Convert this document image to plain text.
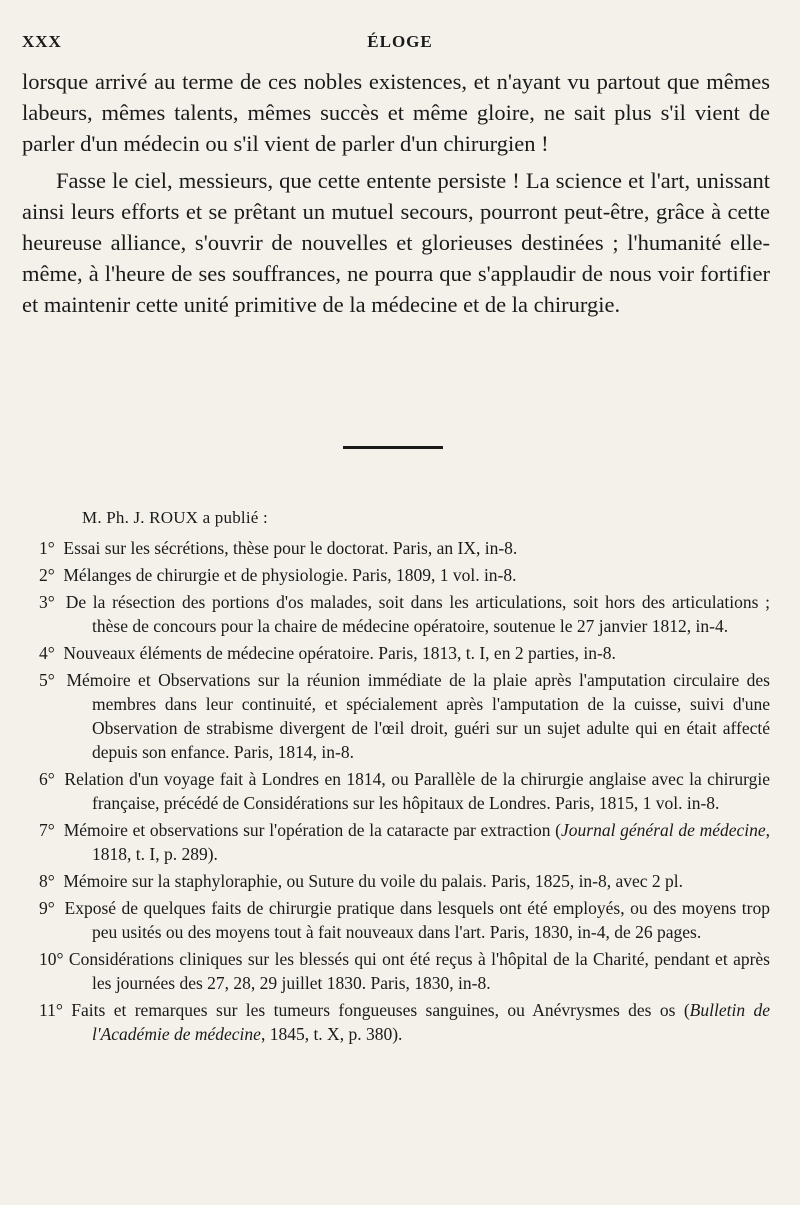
XXX	ÉLOGE

lorsque arrivé au terme de ces nobles existences, et n'ayant vu partout que mêmes labeurs, mêmes talents, mêmes succès et même gloire, ne sait plus s'il vient de parler d'un médecin ou s'il vient de parler d'un chirurgien !

Fasse le ciel, messieurs, que cette entente persiste ! La science et l'art, unissant ainsi leurs efforts et se prêtant un mutuel secours, pourront peut-être, grâce à cette heureuse alliance, s'ouvrir de nouvelles et glorieuses destinées ; l'humanité elle-même, à l'heure de ses souffrances, ne pourra que s'applaudir de nous voir fortifier et maintenir cette unité primitive de la médecine et de la chirurgie.

M. Ph. J. ROUX a publié :

1° Essai sur les sécrétions, thèse pour le doctorat. Paris, an IX, in-8.
2° Mélanges de chirurgie et de physiologie. Paris, 1809, 1 vol. in-8.
3° De la résection des portions d'os malades, soit dans les articulations, soit hors des articulations ; thèse de concours pour la chaire de médecine opératoire, soutenue le 27 janvier 1812, in-4.
4° Nouveaux éléments de médecine opératoire. Paris, 1813, t. I, en 2 parties, in-8.
5° Mémoire et Observations sur la réunion immédiate de la plaie après l'amputation circulaire des membres dans leur continuité, et spécialement après l'amputation de la cuisse, suivi d'une Observation de strabisme divergent de l'œil droit, guéri sur un sujet adulte qui en était affecté depuis son enfance. Paris, 1814, in-8.
6° Relation d'un voyage fait à Londres en 1814, ou Parallèle de la chirurgie anglaise avec la chirurgie française, précédé de Considérations sur les hôpitaux de Londres. Paris, 1815, 1 vol. in-8.
7° Mémoire et observations sur l'opération de la cataracte par extraction (Journal général de médecine, 1818, t. I, p. 289).
8° Mémoire sur la staphyloraphie, ou Suture du voile du palais. Paris, 1825, in-8, avec 2 pl.
9° Exposé de quelques faits de chirurgie pratique dans lesquels ont été employés, ou des moyens trop peu usités ou des moyens tout à fait nouveaux dans l'art. Paris, 1830, in-4, de 26 pages.
10° Considérations cliniques sur les blessés qui ont été reçus à l'hôpital de la Charité, pendant et après les journées des 27, 28, 29 juillet 1830. Paris, 1830, in-8.
11° Faits et remarques sur les tumeurs fongueuses sanguines, ou Anévrysmes des os (Bulletin de l'Académie de médecine, 1845, t. X, p. 380).
